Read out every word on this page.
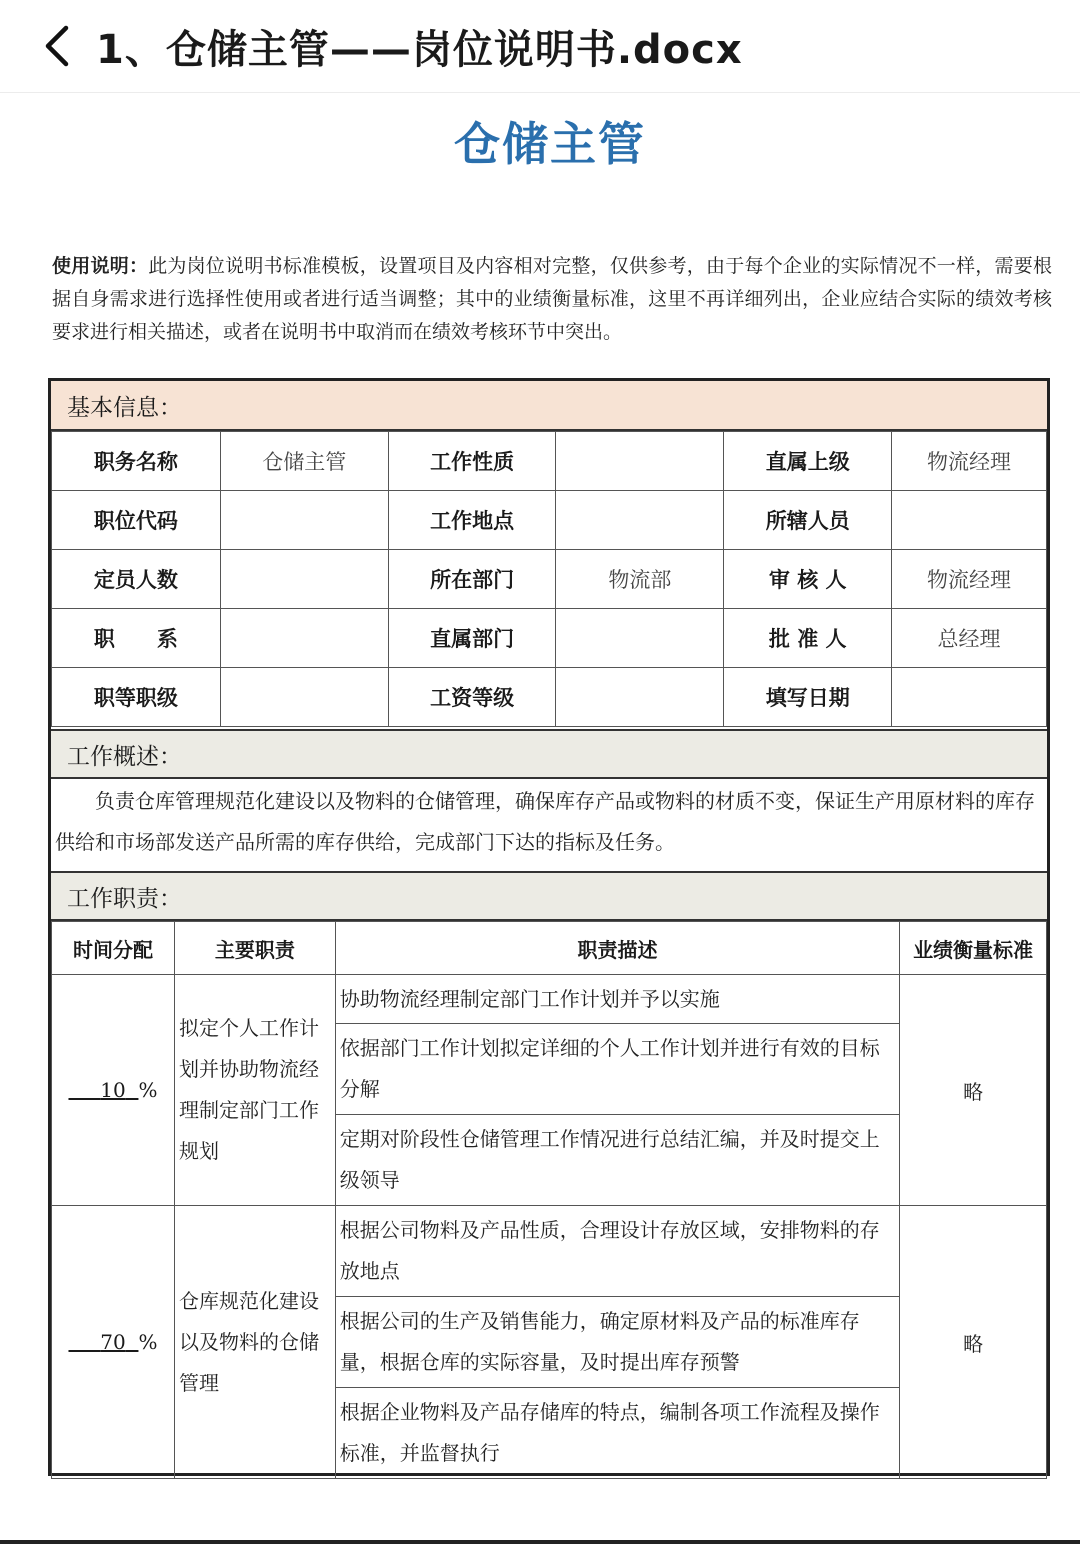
1、仓储主管——岗位说明书.docx
仓储主管
使用说明：此为岗位说明书标准模板，设置项目及内容相对完整，仅供参考，由于每个企业的实际情况不一样，需要根据自身需求进行选择性使用或者进行适当调整；其中的业绩衡量标准，这里不再详细列出，企业应结合实际的绩效考核要求进行相关描述，或者在说明书中取消而在绩效考核环节中突出。
基本信息：
职务名称	仓储主管	工作性质		直属上级	物流经理
职位代码		工作地点		所辖人员	
定员人数		所在部门	物流部	审 核 人	物流经理
职　　系		直属部门		批 准 人	总经理
职等职级		工资等级		填写日期	
工作概述：
负责仓库管理规范化建设以及物料的仓储管理，确保库存产品或物料的材质不变，保证生产用原材料的库存供给和市场部发送产品所需的库存供给，完成部门下达的指标及任务。
工作职责：
时间分配	主要职责	职责描述	业绩衡量标准
10 %	拟定个人工作计划并协助物流经理制定部门工作规划	协助物流经理制定部门工作计划并予以实施	略
		依据部门工作计划拟定详细的个人工作计划并进行有效的目标分解	
		定期对阶段性仓储管理工作情况进行总结汇编，并及时提交上级领导	
70 %	仓库规范化建设以及物料的仓储管理	根据公司物料及产品性质，合理设计存放区域，安排物料的存放地点	略
		根据公司的生产及销售能力，确定原材料及产品的标准库存量，根据仓库的实际容量，及时提出库存预警	
		根据企业物料及产品存储库的特点，编制各项工作流程及操作标准，并监督执行	
